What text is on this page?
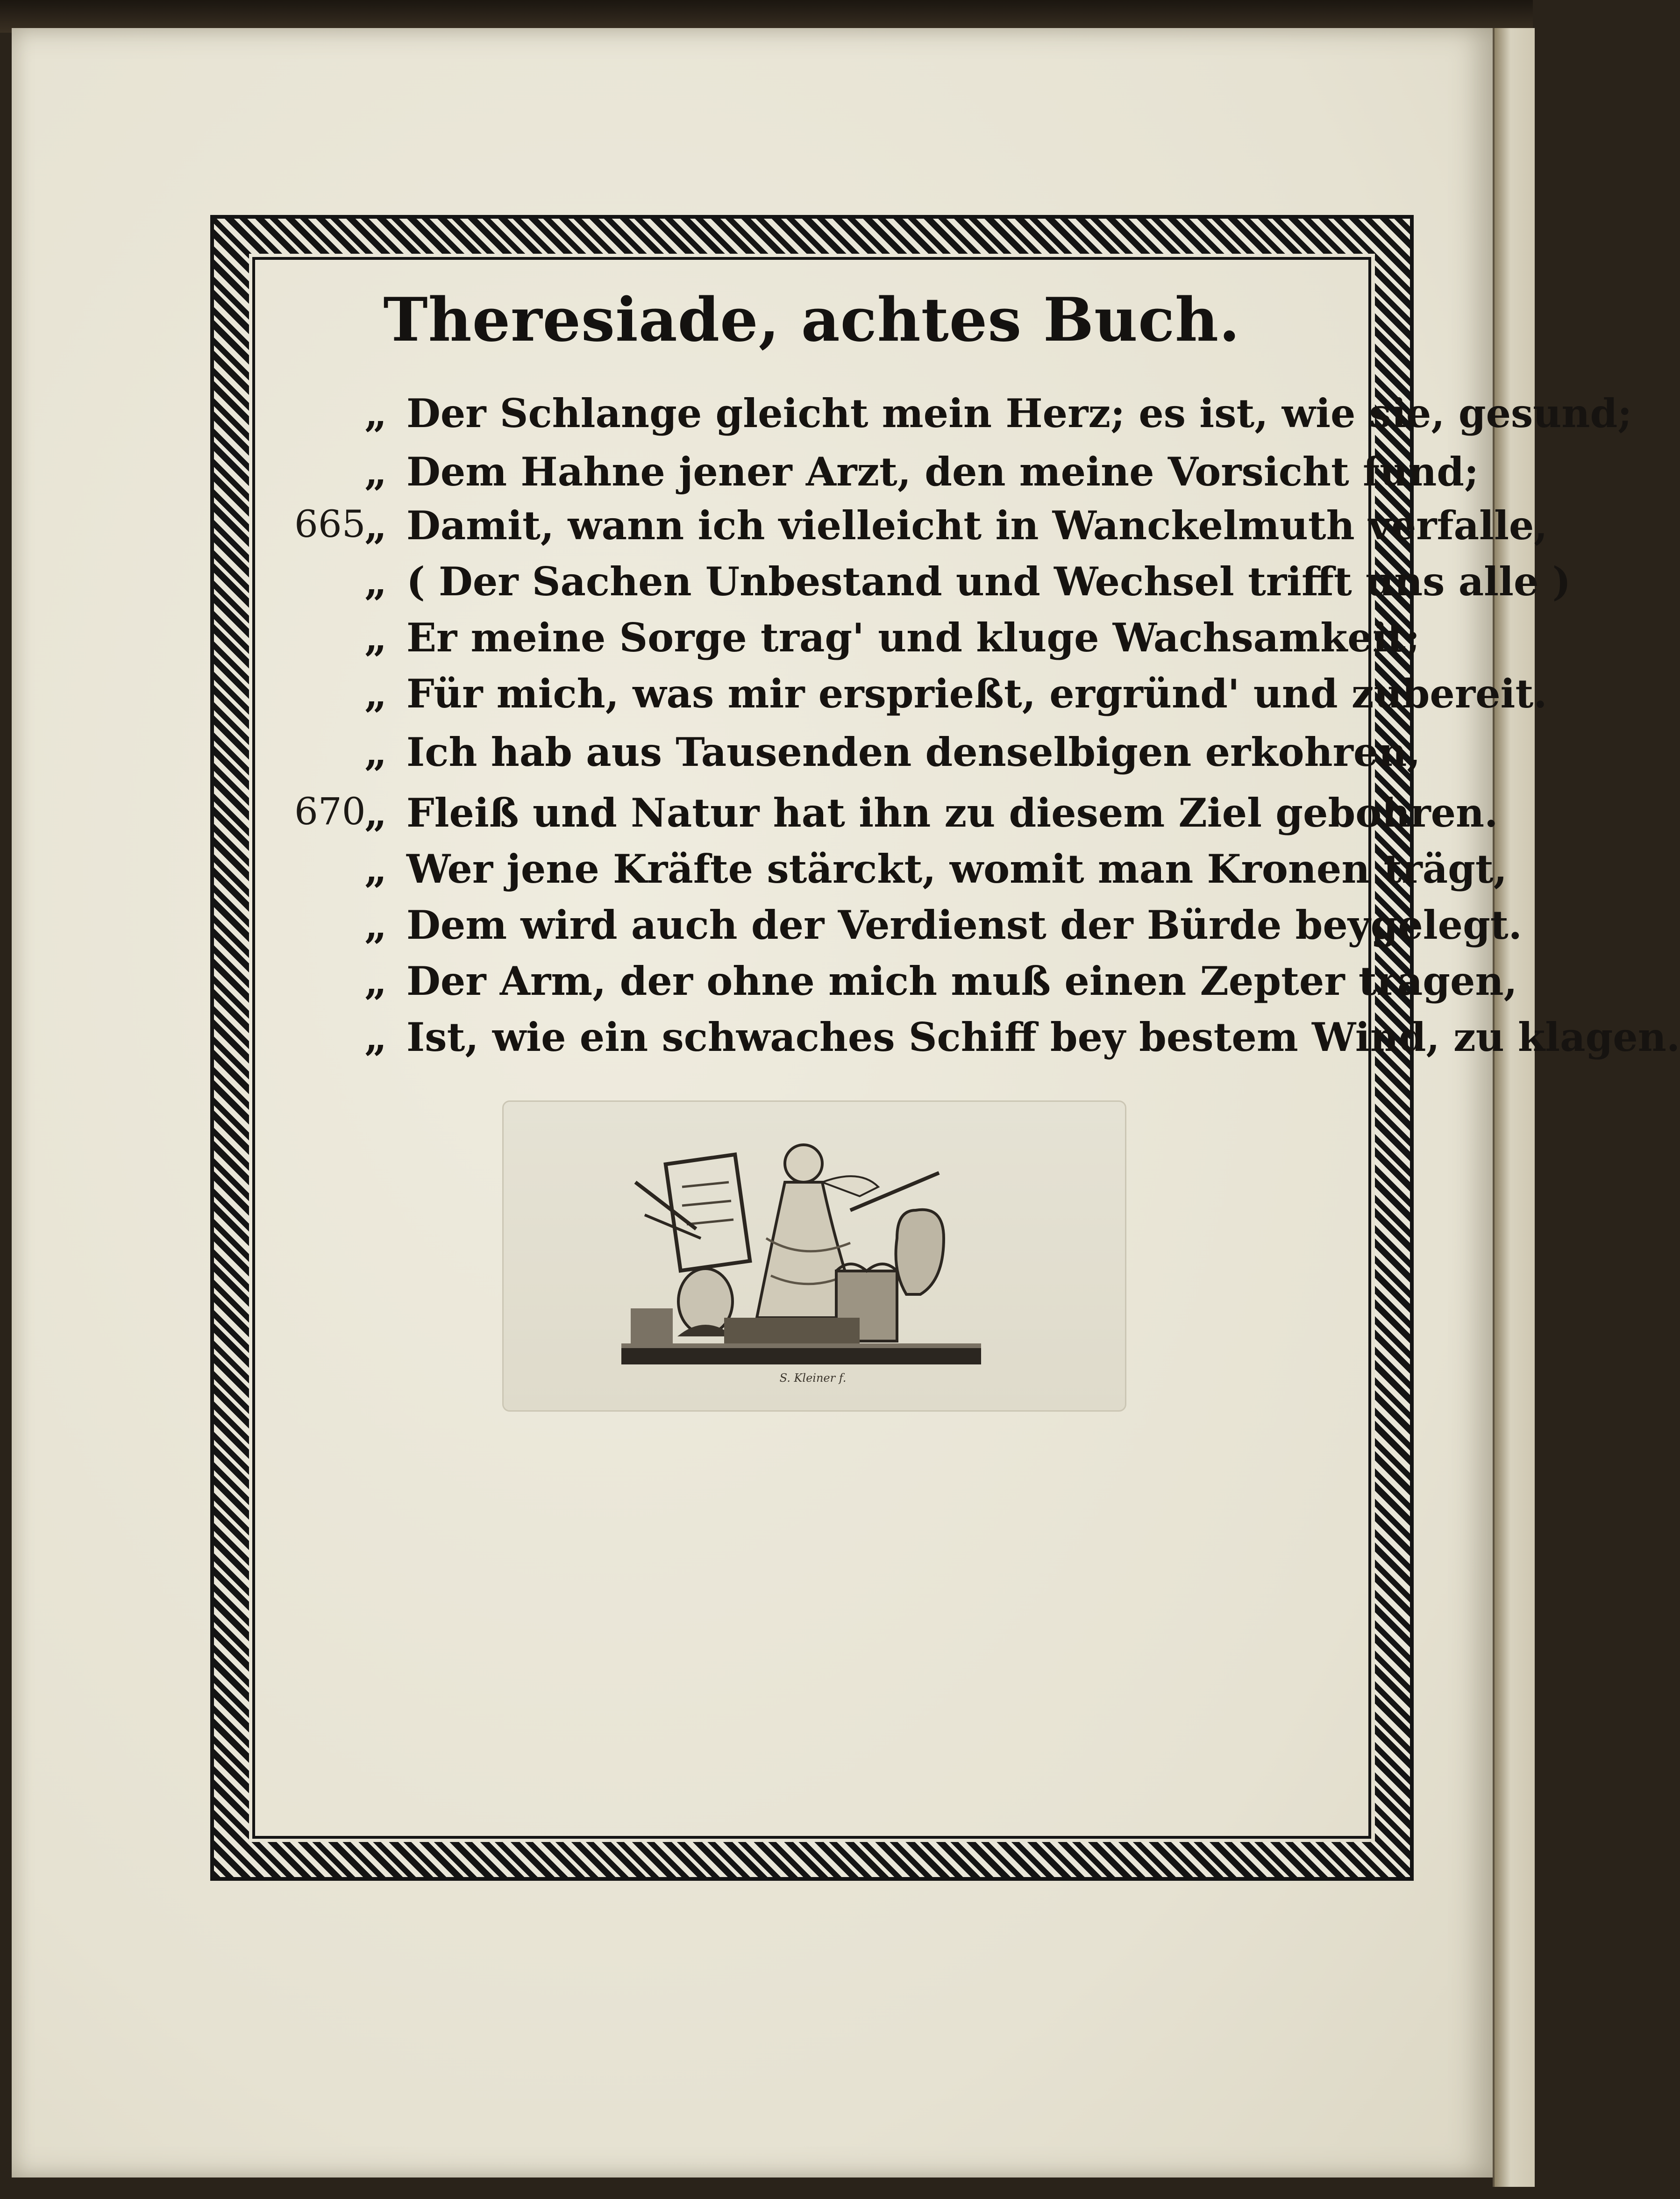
Theresiade, achtes Buch.
„ Der Schlange gleicht mein Herz; es ist, wie sie, gesund;
„ Dem Hahne jener Arzt, den meine Vorsicht fund;
665
„ Damit, wann ich vielleicht in Wanckelmuth verfalle,
„ ( Der Sachen Unbestand und Wechsel trifft uns alle )
„ Er meine Sorge trag' und kluge Wachsamkeit;
„ Für mich, was mir ersprießt, ergründ' und zubereit.
„ Ich hab aus Tausenden denselbigen erkohren,
670
„ Fleiß und Natur hat ihn zu diesem Ziel gebohren.
„ Wer jene Kräfte stärckt, womit man Kronen trägt,
„ Dem wird auch der Verdienst der Bürde beygelegt.
„ Der Arm, der ohne mich muß einen Zepter tragen,
„ Ist, wie ein schwaches Schiff bey bestem Wind, zu klagen.
S. Kleiner f.
